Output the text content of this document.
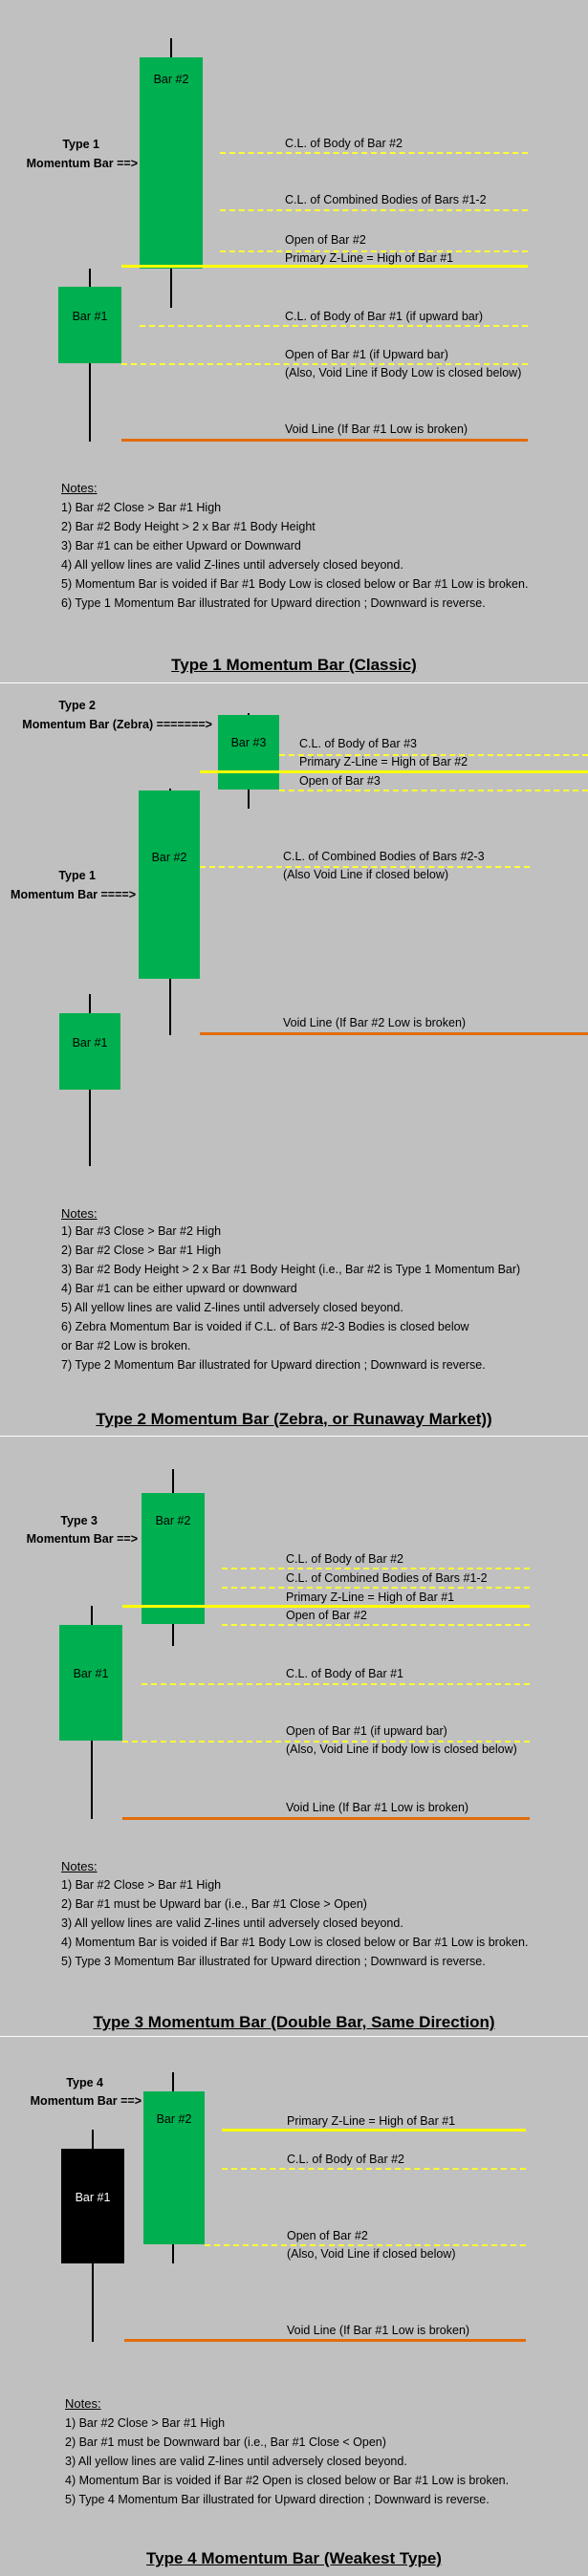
Type 1
Momentum Bar ==>
Bar #2
Bar #1
C.L. of Body of Bar #2
C.L. of Combined Bodies of Bars #1-2
Open of Bar #2
Primary Z-Line = High of Bar #1
C.L. of Body of Bar #1 (if upward bar)
Open of Bar #1 (if Upward bar)
(Also, Void Line if Body Low is closed below)
Void Line (If Bar #1 Low is broken)
Notes:
1) Bar #2 Close > Bar #1 High
2) Bar #2 Body Height > 2 x Bar #1 Body Height
3) Bar #1 can be either Upward or Downward
4) All yellow lines are valid Z-lines until adversely closed beyond.
5) Momentum Bar is voided if Bar #1 Body Low is closed below or Bar #1 Low is broken.
6) Type 1 Momentum Bar illustrated for Upward direction ; Downward is reverse.
Type 1 Momentum Bar (Classic)
Type 2
Momentum Bar (Zebra) =======>
Type 1
Momentum Bar ====>
Bar #3
Bar #2
Bar #1
C.L. of Body of Bar #3
Primary Z-Line = High of Bar #2
Open of Bar #3
C.L. of Combined Bodies of Bars #2-3
(Also Void Line if closed below)
Void Line (If Bar #2 Low is broken)
Notes:
1) Bar #3 Close > Bar #2 High
2) Bar #2 Close > Bar #1 High
3) Bar #2 Body Height > 2 x Bar #1 Body Height (i.e., Bar #2 is Type 1 Momentum Bar)
4) Bar #1 can be either upward or downward
5) All yellow lines are valid Z-lines until adversely closed beyond.
6) Zebra Momentum Bar is voided if C.L. of Bars #2-3 Bodies is closed below
or Bar #2 Low is broken.
7) Type 2 Momentum Bar illustrated for Upward direction ; Downward is reverse.
Type 2 Momentum Bar (Zebra, or Runaway Market))
Type 3
Momentum Bar ==>
Bar #2
Bar #1
C.L. of Body of Bar #2
C.L. of Combined Bodies of Bars #1-2
Primary Z-Line = High of Bar #1
Open of Bar #2
C.L. of Body of Bar #1
Open of Bar #1 (if upward bar)
(Also, Void Line if body low is closed below)
Void Line (If Bar #1 Low is broken)
Notes:
1) Bar #2 Close > Bar #1 High
2) Bar #1 must be Upward bar (i.e., Bar #1 Close > Open)
3) All yellow lines are valid Z-lines until adversely closed beyond.
4) Momentum Bar is voided if Bar #1 Body Low is closed below or Bar #1 Low is broken.
5) Type 3 Momentum Bar illustrated for Upward direction ; Downward is reverse.
Type 3 Momentum Bar (Double Bar, Same Direction)
Type 4
Momentum Bar ==>
Bar #2
Bar #1
Primary Z-Line = High of Bar #1
C.L. of Body of Bar #2
Open of Bar #2
(Also, Void Line if closed below)
Void Line (If Bar #1 Low is broken)
Notes:
1) Bar #2 Close > Bar #1 High
2) Bar #1 must be Downward bar (i.e., Bar #1 Close < Open)
3) All yellow lines are valid Z-lines until adversely closed beyond.
4) Momentum Bar is voided if Bar #2 Open is closed below or Bar #1 Low is broken.
5) Type 4 Momentum Bar illustrated for Upward direction ; Downward is reverse.
Type 4 Momentum Bar (Weakest Type)
